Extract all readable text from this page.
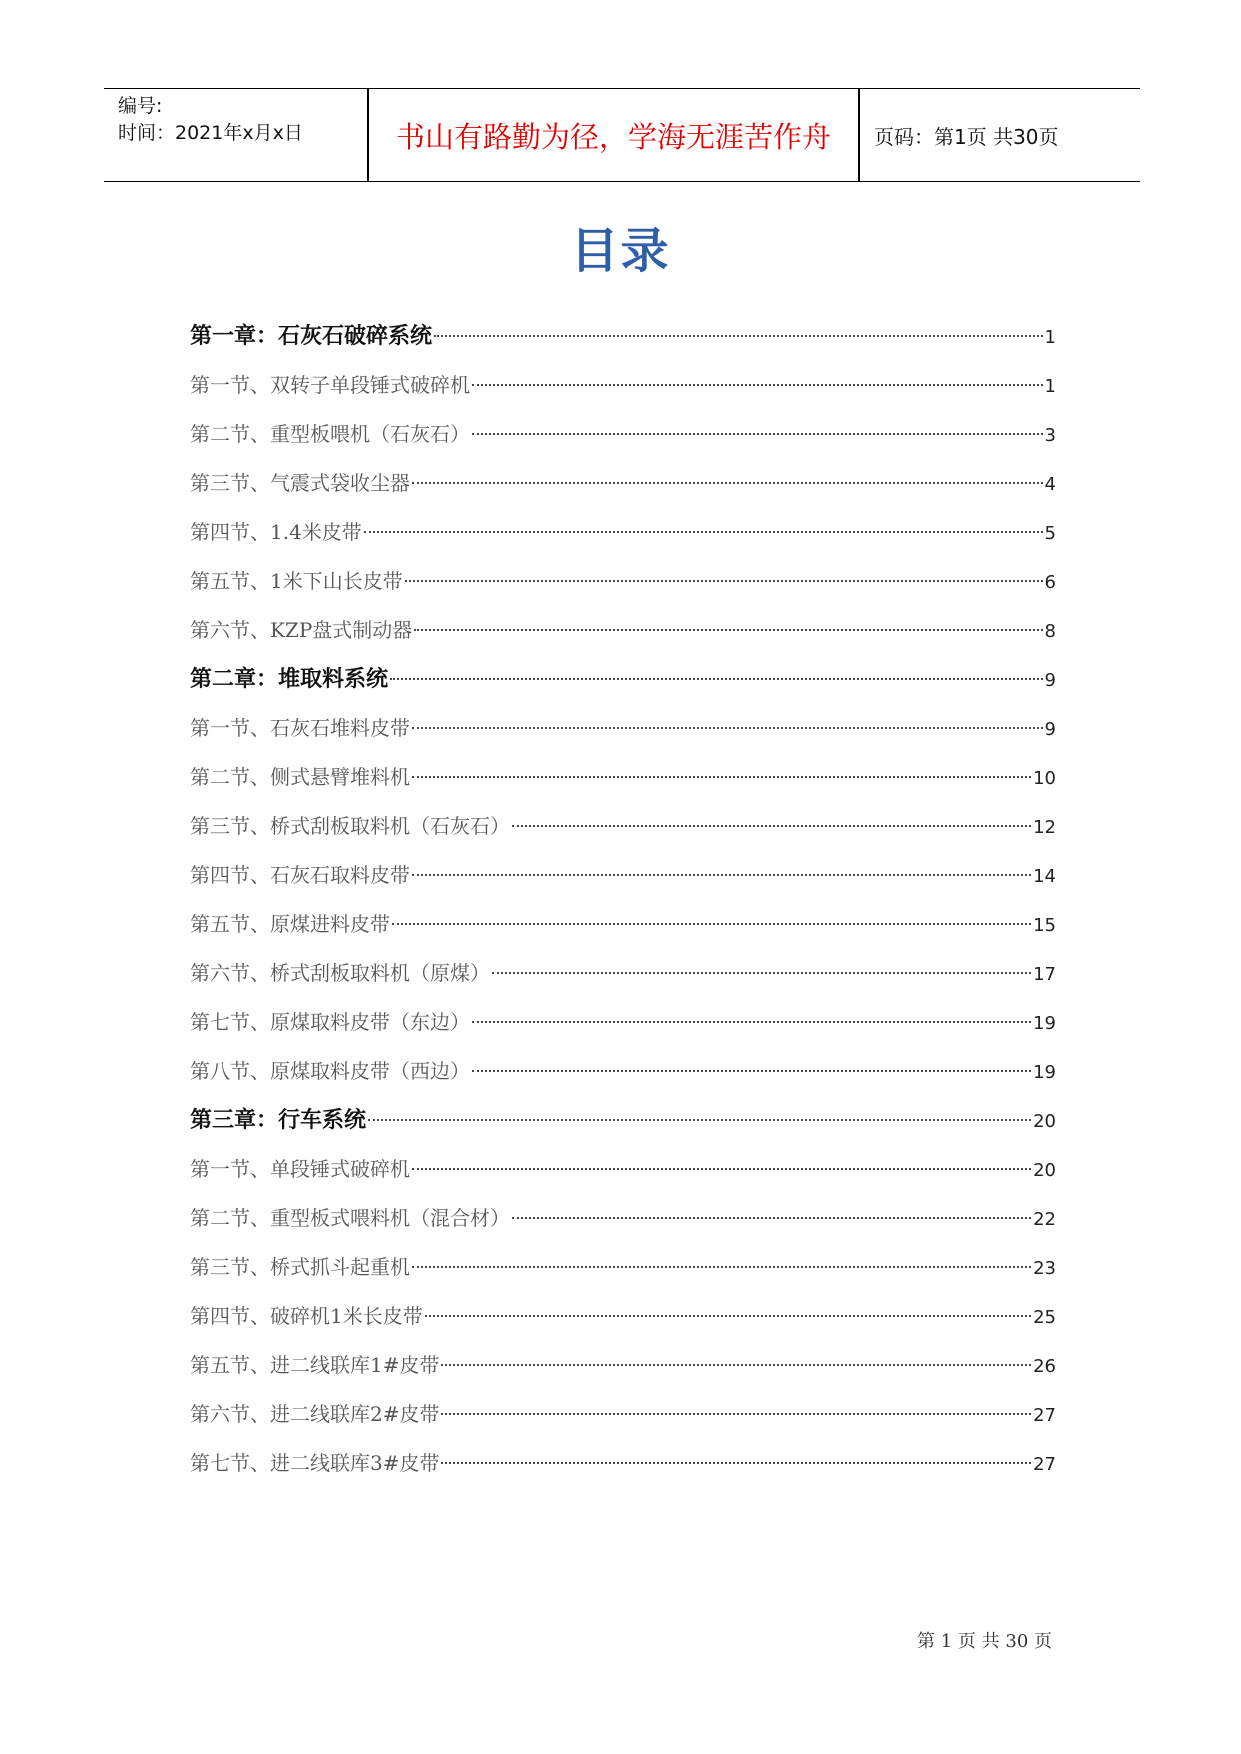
编号:
时间：2021年x月x日	书山有路勤为径，学海无涯苦作舟	页码：第1页 共30页
目录
第一章：石灰石破碎系统	1
第一节、双转子单段锤式破碎机	1
第二节、重型板喂机（石灰石）	3
第三节、气震式袋收尘器	4
第四节、1.4米皮带	5
第五节、1米下山长皮带	6
第六节、KZP盘式制动器	8
第二章：堆取料系统	9
第一节、石灰石堆料皮带	9
第二节、侧式悬臂堆料机	10
第三节、桥式刮板取料机（石灰石）	12
第四节、石灰石取料皮带	14
第五节、原煤进料皮带	15
第六节、桥式刮板取料机（原煤）	17
第七节、原煤取料皮带（东边）	19
第八节、原煤取料皮带（西边）	19
第三章：行车系统	20
第一节、单段锤式破碎机	20
第二节、重型板式喂料机（混合材）	22
第三节、桥式抓斗起重机	23
第四节、破碎机1米长皮带	25
第五节、进二线联库1#皮带	26
第六节、进二线联库2#皮带	27
第七节、进二线联库3#皮带	27
第 1 页 共 30 页
